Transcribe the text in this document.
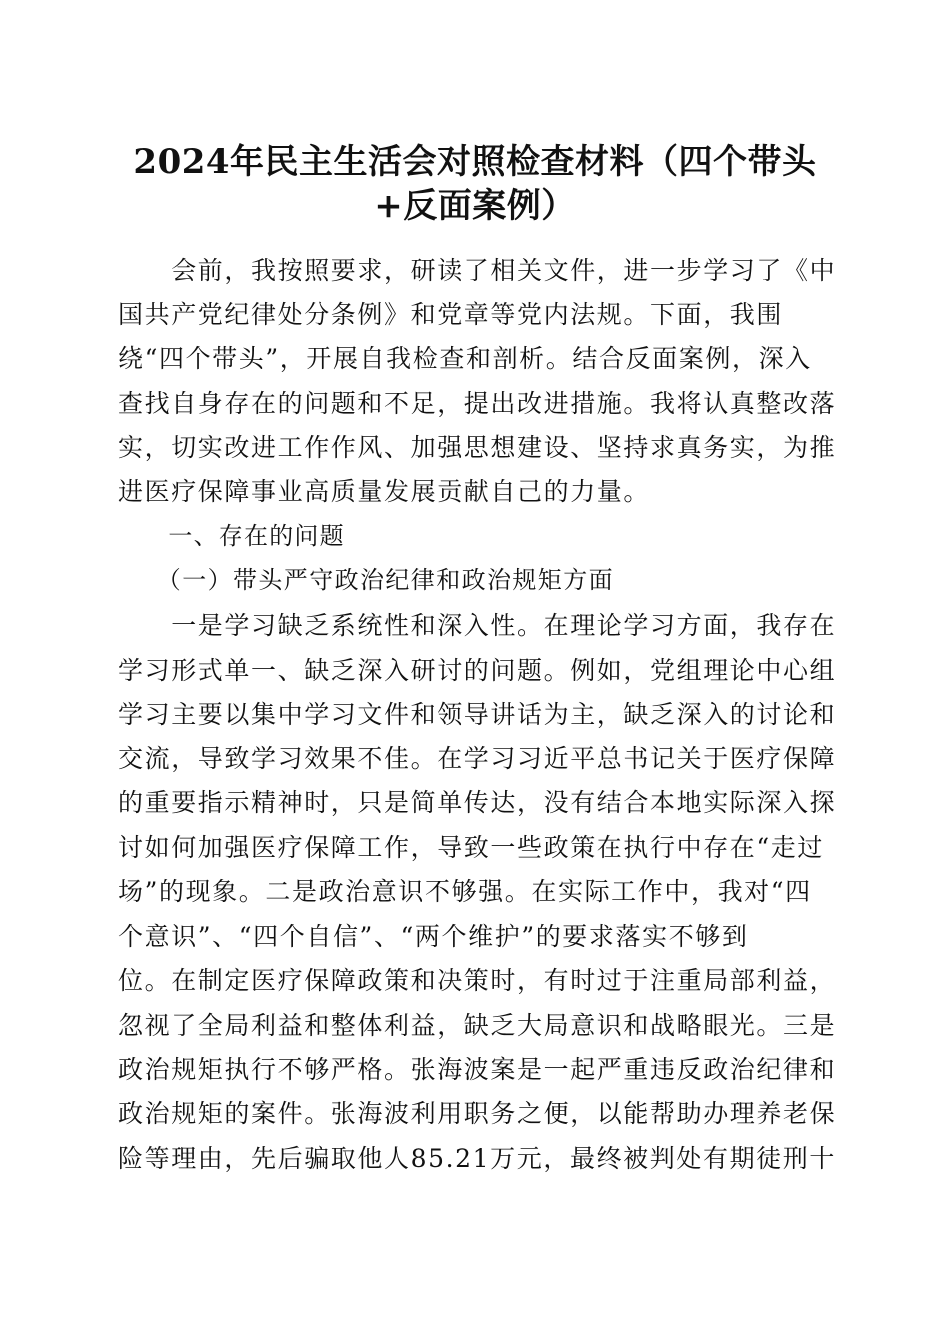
2024年民主生活会对照检查材料（四个带头
+反面案例）
　　会前，我按照要求，研读了相关文件，进一步学习了《中
国共产党纪律处分条例》和党章等党内法规。下面，我围
绕“四个带头”，开展自我检查和剖析。结合反面案例，深入
查找自身存在的问题和不足，提出改进措施。我将认真整改落
实，切实改进工作作风、加强思想建设、坚持求真务实，为推
进医疗保障事业高质量发展贡献自己的力量。
　　一、存在的问题
　　（一）带头严守政治纪律和政治规矩方面
　　一是学习缺乏系统性和深入性。在理论学习方面，我存在
学习形式单一、缺乏深入研讨的问题。例如，党组理论中心组
学习主要以集中学习文件和领导讲话为主，缺乏深入的讨论和
交流，导致学习效果不佳。在学习习近平总书记关于医疗保障
的重要指示精神时，只是简单传达，没有结合本地实际深入探
讨如何加强医疗保障工作，导致一些政策在执行中存在“走过
场”的现象。二是政治意识不够强。在实际工作中，我对“四
个意识”、“四个自信”、“两个维护”的要求落实不够到
位。在制定医疗保障政策和决策时，有时过于注重局部利益，
忽视了全局利益和整体利益，缺乏大局意识和战略眼光。三是
政治规矩执行不够严格。张海波案是一起严重违反政治纪律和
政治规矩的案件。张海波利用职务之便，以能帮助办理养老保
险等理由，先后骗取他人85.21万元，最终被判处有期徒刑十
